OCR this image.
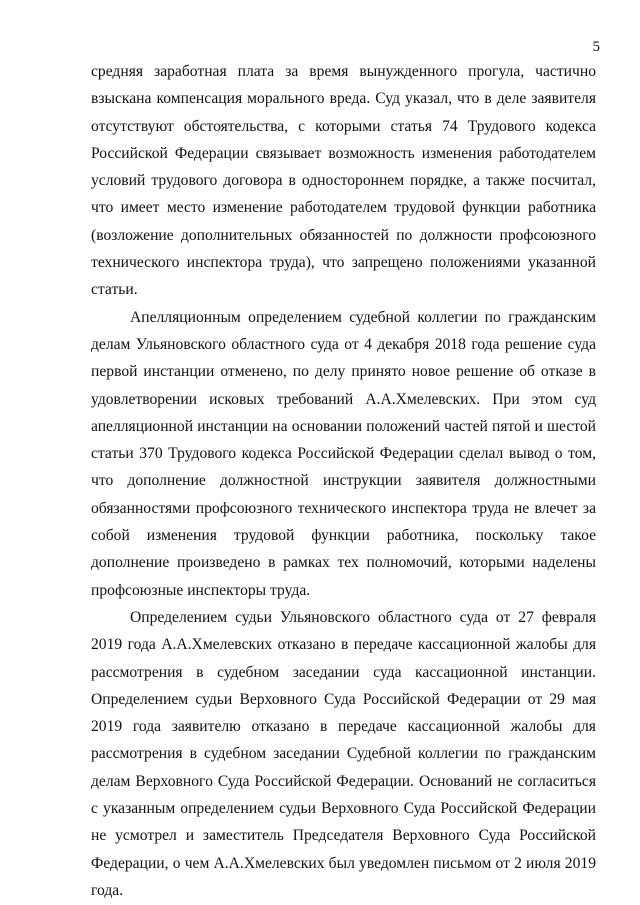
5

средняя заработная плата за время вынужденного прогула, частично взыскана компенсация морального вреда. Суд указал, что в деле заявителя отсутствуют обстоятельства, с которыми статья 74 Трудового кодекса Российской Федерации связывает возможность изменения работодателем условий трудового договора в одностороннем порядке, а также посчитал, что имеет место изменение работодателем трудовой функции работника (возложение дополнительных обязанностей по должности профсоюзного технического инспектора труда), что запрещено положениями указанной статьи.

Апелляционным определением судебной коллегии по гражданским делам Ульяновского областного суда от 4 декабря 2018 года решение суда первой инстанции отменено, по делу принято новое решение об отказе в удовлетворении исковых требований А.А.Хмелевских. При этом суд апелляционной инстанции на основании положений частей пятой и шестой статьи 370 Трудового кодекса Российской Федерации сделал вывод о том, что дополнение должностной инструкции заявителя должностными обязанностями профсоюзного технического инспектора труда не влечет за собой изменения трудовой функции работника, поскольку такое дополнение произведено в рамках тех полномочий, которыми наделены профсоюзные инспекторы труда.

Определением судьи Ульяновского областного суда от 27 февраля 2019 года А.А.Хмелевских отказано в передаче кассационной жалобы для рассмотрения в судебном заседании суда кассационной инстанции. Определением судьи Верховного Суда Российской Федерации от 29 мая 2019 года заявителю отказано в передаче кассационной жалобы для рассмотрения в судебном заседании Судебной коллегии по гражданским делам Верховного Суда Российской Федерации. Оснований не согласиться с указанным определением судьи Верховного Суда Российской Федерации не усмотрел и заместитель Председателя Верховного Суда Российской Федерации, о чем А.А.Хмелевских был уведомлен письмом от 2 июля 2019 года.
